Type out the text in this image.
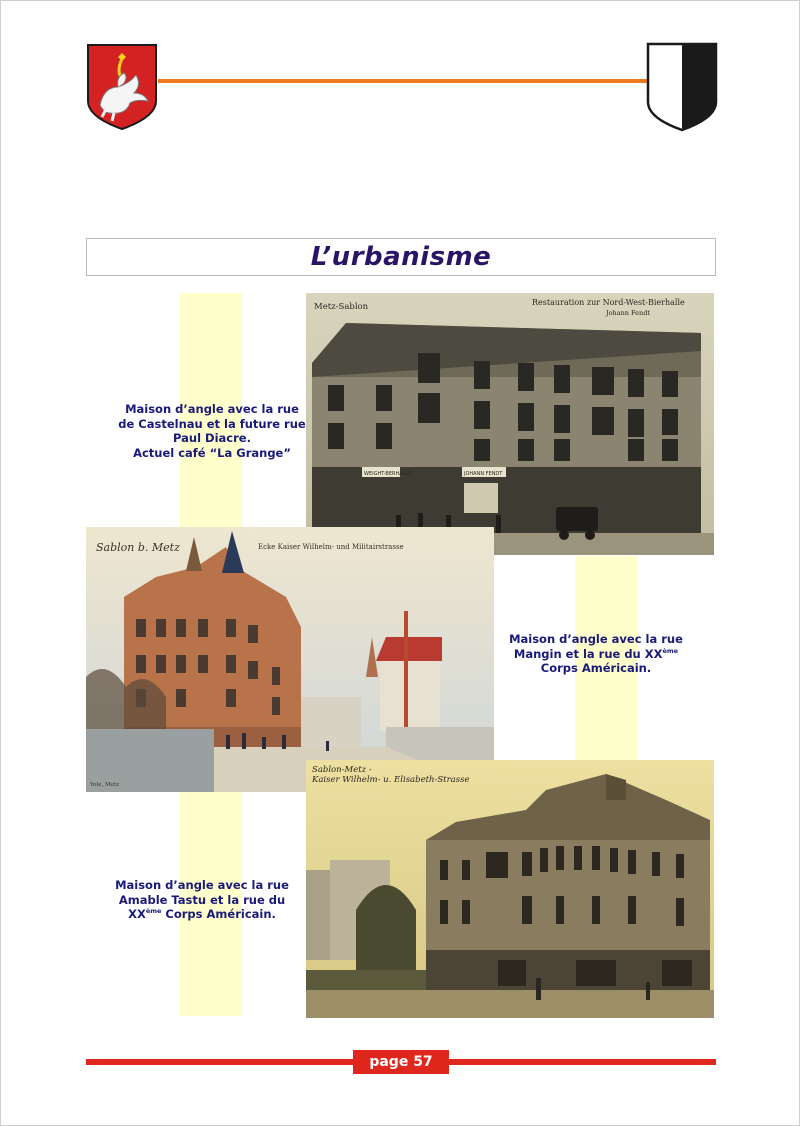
L’urbanisme
Metz-Sablon	Restauration zur Nord-West-Bierhalle
Johann Fendt
WEIGHT-BERHALLE	JOHANN FENDT
Sablon b. Metz	Ecke Kaiser Wilhelm- und Militairstrasse
Yole, Metz
Sablon-Metz -
Kaiser Wilhelm- u. Elisabeth-Strasse
Maison d’angle avec la rue
de Castelnau et la future rue
Paul Diacre.
Actuel café “La Grange”
Maison d’angle avec la rue
Mangin et la rue du XXème
Corps Américain.
Maison d’angle avec la rue
Amable Tastu et la rue du
XXème Corps Américain.
page 57
